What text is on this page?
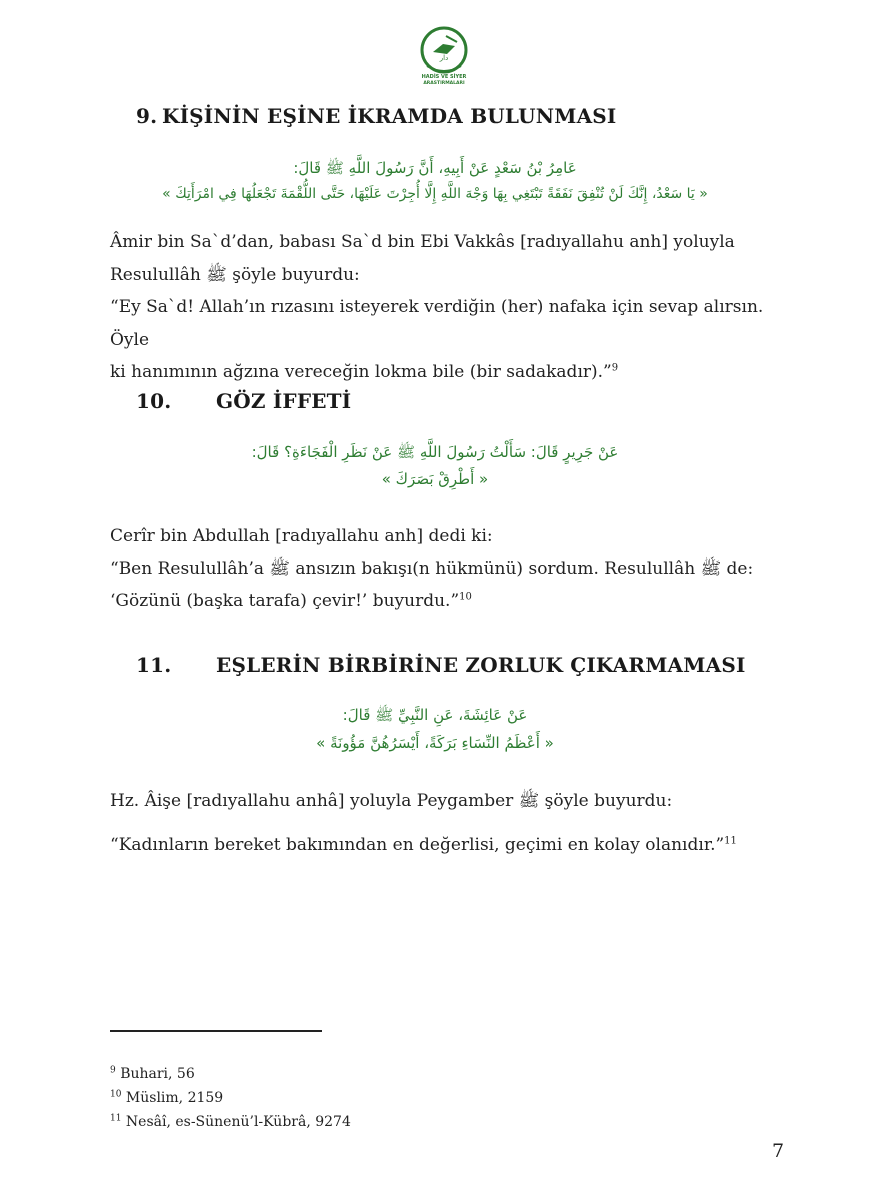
دار
HADİS VE SİYER
ARAŞTIRMALARI
9. KİŞİNİN EŞİNE İKRAMDA BULUNMASI
عَامِرُ بْنُ سَعْدٍ عَنْ أَبِيهِ، أَنَّ رَسُولَ اللَّهِ ﷺ قَالَ:
« يَا سَعْدُ، إِنَّكَ لَنْ تُنْفِقَ نَفَقَةً تَبْتَغِي بِهَا وَجْهَ اللَّهِ إِلَّا أُجِرْتَ عَلَيْهَا، حَتَّى اللُّقْمَةَ تَجْعَلُهَا فِي امْرَأَتِكَ »

Âmir bin Sa`d’dan, babası Sa`d bin Ebi Vakkâs [radıyallahu anh] yoluyla

Resulullâh ﷺ şöyle buyurdu:

“Ey Sa`d! Allah’ın rızasını isteyerek verdiğin (her) nafaka için sevap alırsın. Öyle

ki hanımının ağzına vereceğin lokma bile (bir sadakadır).”$^9$

10. GÖZ İFFETİ
عَنْ جَرِيرٍ قَالَ: سَأَلْتُ رَسُولَ اللَّهِ ﷺ عَنْ نَظَرِ الْفَجَاءَةِ؟ قَالَ:
« أَطْرِقْ بَصَرَكَ »

Cerîr bin Abdullah [radıyallahu anh] dedi ki:

“Ben Resulullâh’a ﷺ ansızın bakışı(n hükmünü) sordum. Resulullâh ﷺ de:

‘Gözünü (başka tarafa) çevir!’ buyurdu.”$^{10}$

11. EŞLERİN BİRBİRİNE ZORLUK ÇIKARMAMASI
عَنْ عَائِشَةَ، عَنِ النَّبِيِّ ﷺ قَالَ:
« أَعْظَمُ النِّسَاءِ بَرَكَةً، أَيْسَرُهُنَّ مَؤُونَةً »

Hz. Âişe [radıyallahu anhâ] yoluyla Peygamber ﷺ şöyle buyurdu:

“Kadınların bereket bakımından en değerlisi, geçimi en kolay olanıdır.”$^{11}$

$^9$ Buhari, 56
$^{10}$ Müslim, 2159
$^{11}$ Nesâî, es-Sünenü’l-Kübrâ, 9274
7
